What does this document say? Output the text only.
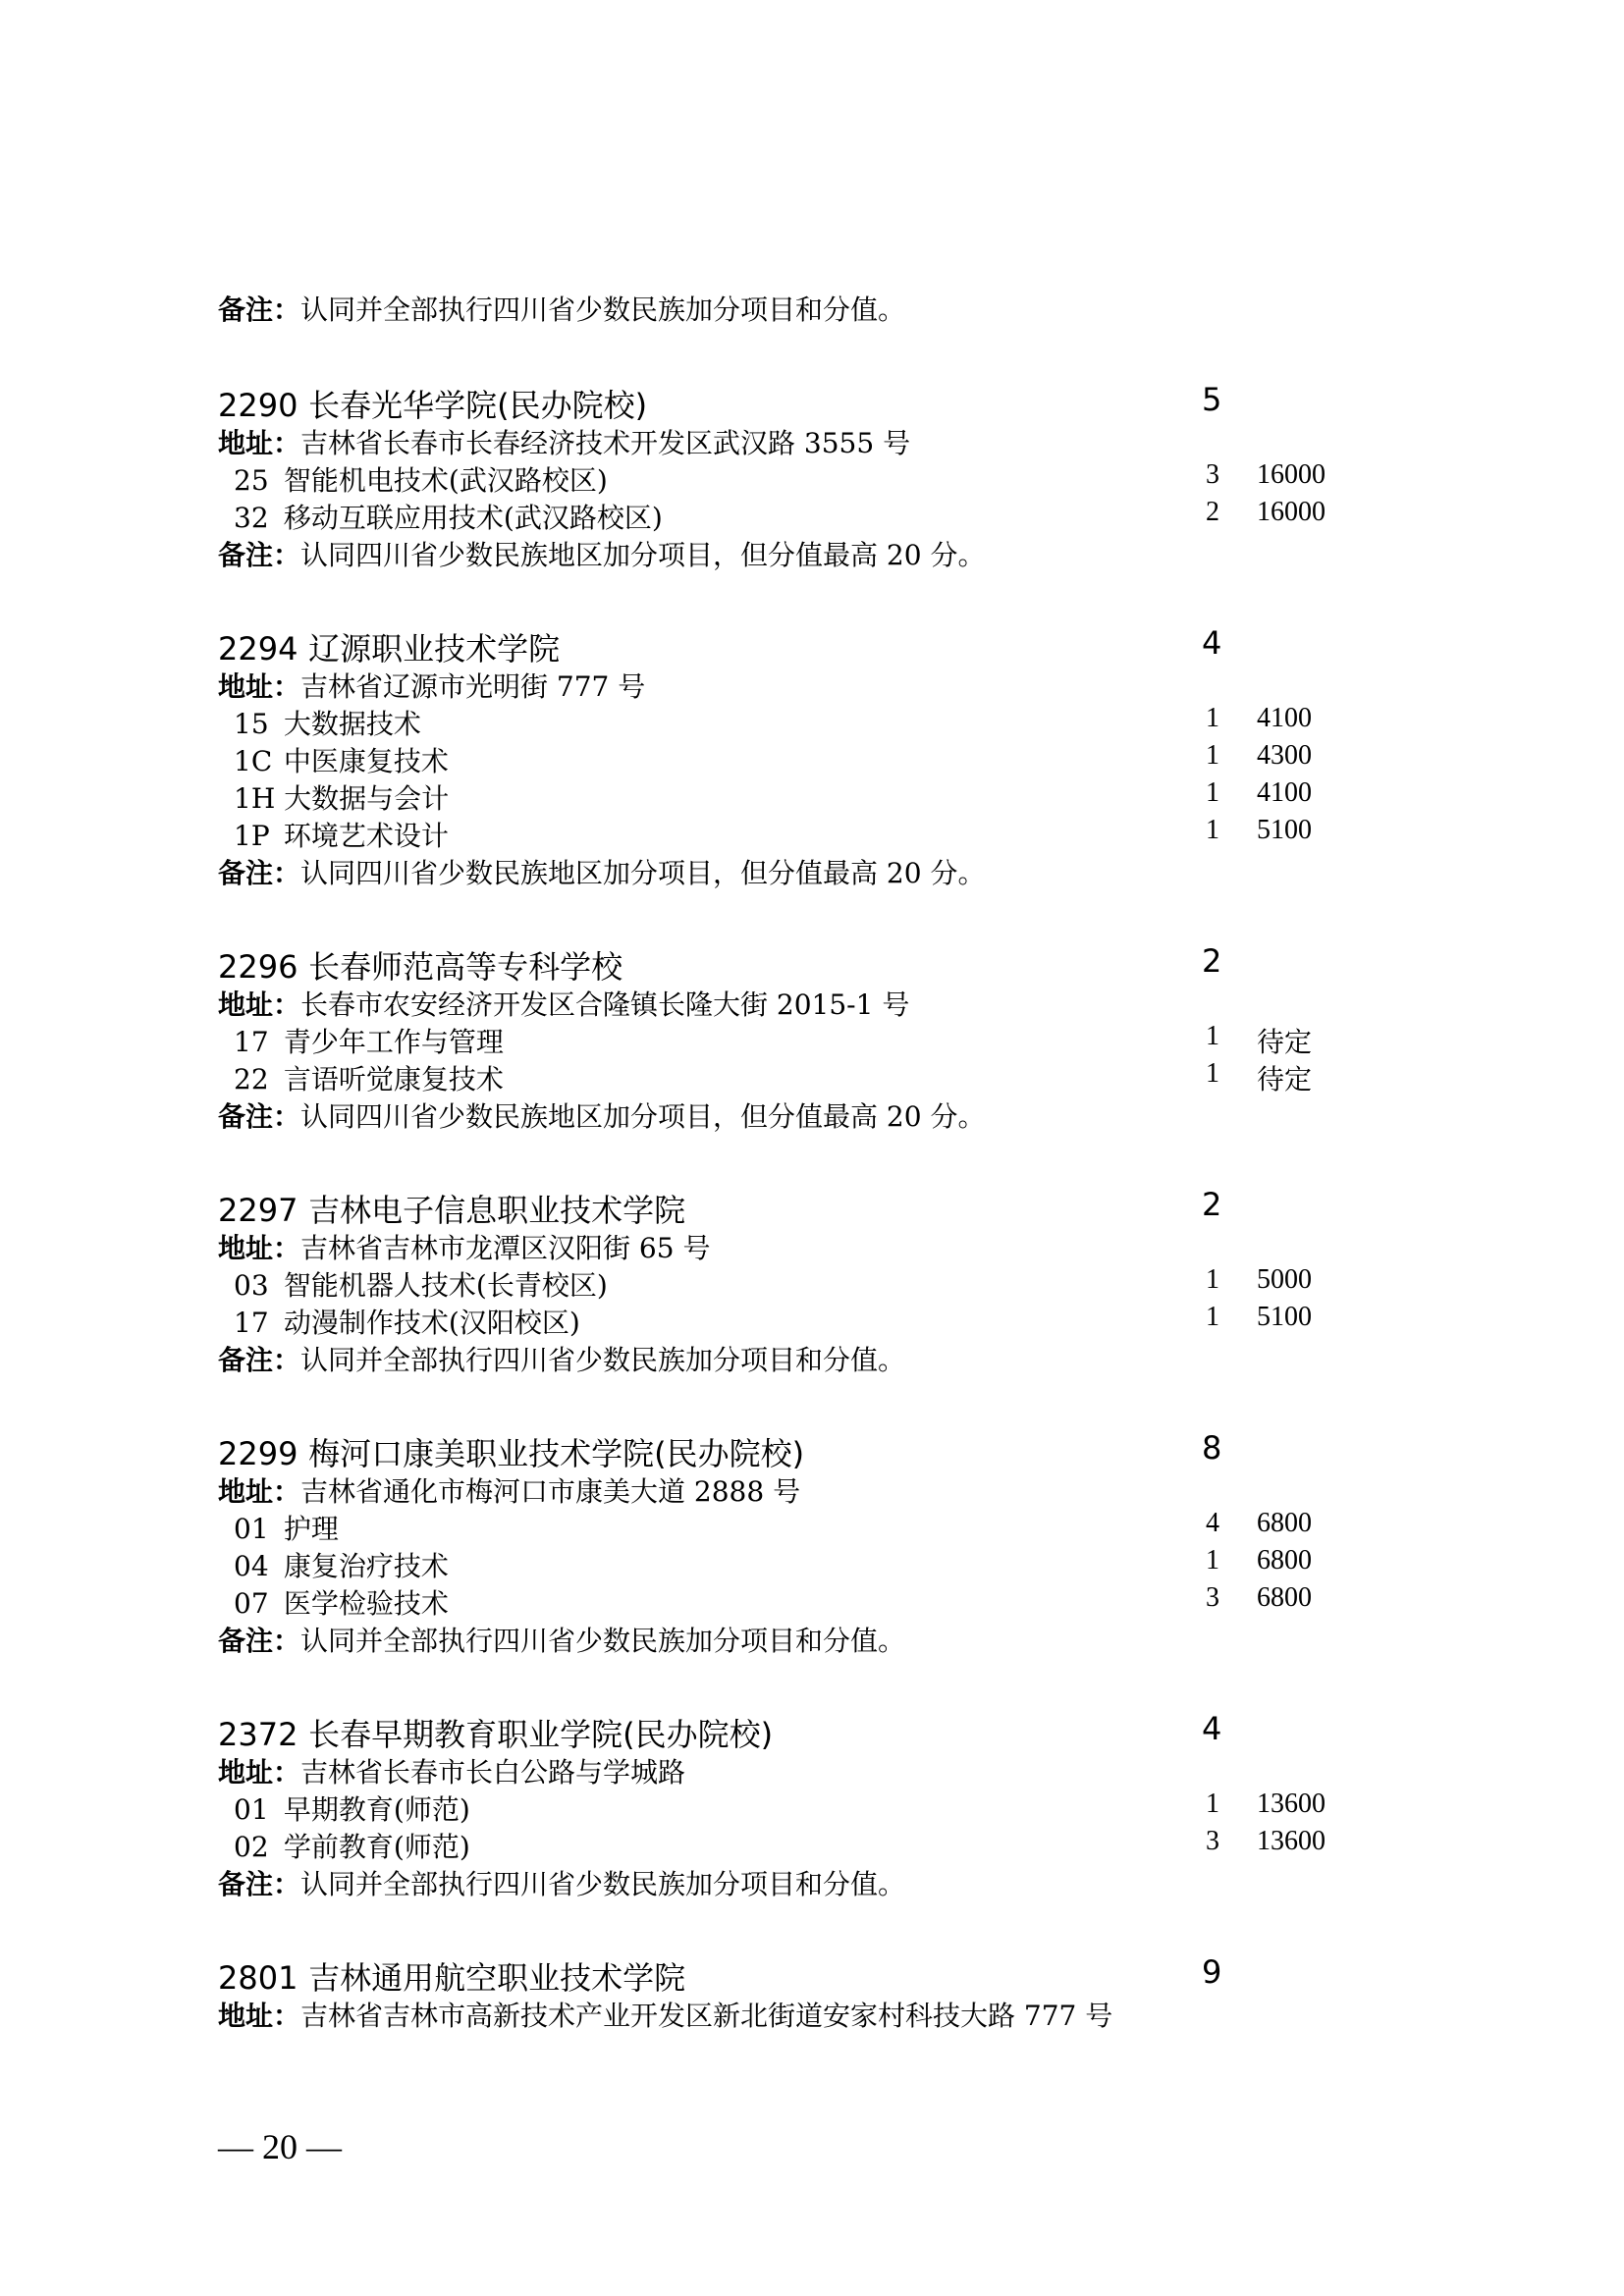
备注：认同并全部执行四川省少数民族加分项目和分值。
2290 长春光华学院(民办院校)	5
地址：吉林省长春市长春经济技术开发区武汉路 3555 号
25 智能机电技术(武汉路校区)	3 16000
32 移动互联应用技术(武汉路校区)	2 16000
备注：认同四川省少数民族地区加分项目，但分值最高 20 分。
2294 辽源职业技术学院	4
地址：吉林省辽源市光明街 777 号
15 大数据技术	1 4100
1C 中医康复技术	1 4300
1H 大数据与会计	1 4100
1P 环境艺术设计	1 5100
备注：认同四川省少数民族地区加分项目，但分值最高 20 分。
2296 长春师范高等专科学校	2
地址：长春市农安经济开发区合隆镇长隆大街 2015-1 号
17 青少年工作与管理	1 待定
22 言语听觉康复技术	1 待定
备注：认同四川省少数民族地区加分项目，但分值最高 20 分。
2297 吉林电子信息职业技术学院	2
地址：吉林省吉林市龙潭区汉阳街 65 号
03 智能机器人技术(长青校区)	1 5000
17 动漫制作技术(汉阳校区)	1 5100
备注：认同并全部执行四川省少数民族加分项目和分值。
2299 梅河口康美职业技术学院(民办院校)	8
地址：吉林省通化市梅河口市康美大道 2888 号
01 护理	4 6800
04 康复治疗技术	1 6800
07 医学检验技术	3 6800
备注：认同并全部执行四川省少数民族加分项目和分值。
2372 长春早期教育职业学院(民办院校)	4
地址：吉林省长春市长白公路与学城路
01 早期教育(师范)	1 13600
02 学前教育(师范)	3 13600
备注：认同并全部执行四川省少数民族加分项目和分值。
2801 吉林通用航空职业技术学院	9
地址：吉林省吉林市高新技术产业开发区新北街道安家村科技大路 777 号
— 20 —
